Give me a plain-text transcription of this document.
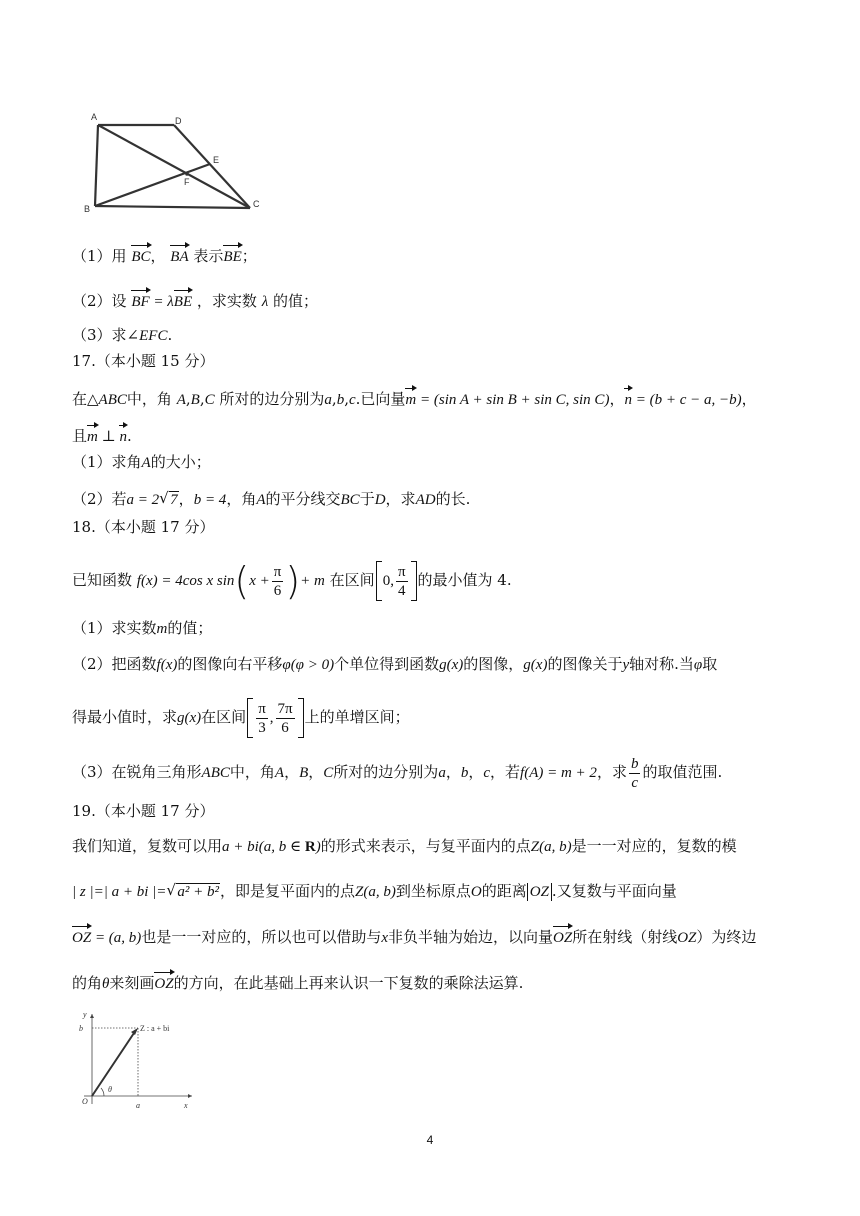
A	D
E
F
B	C
（1）用 BC， BA 表示BE；
（2）设 BF = λBE ，求实数 λ 的值；
（3）求∠EFC.
17.（本小题 15 分）
在△ABC中，角 A,B,C 所对的边分别为a,b,c.已向量m = (sin A + sin B + sin C, sin C)，n = (b + c − a, −b)，
且m ⊥ n.
（1）求角A的大小；
（2）若a = 2 √ 7，b = 4，角A的平分线交BC于D，求AD的长.
18.（本小题 17 分）
已知函数 f(x) = 4cos x $\sin(x + \frac{\pi}{6}$ )+ m 在区间 0, $\frac{\pi}{4}$ 的最小值为 4.
（1）求实数m的值；
（2）把函数f(x)的图像向右平移φ(φ > 0)个单位得到函数g(x)的图像，g(x)的图像关于y轴对称.当φ取
得最小值时，求g(x)在区间 $\frac{\pi}{3}$ , $\frac{7\pi}{6}$ 上的单增区间；
（3）在锐角三角形ABC中，角A，B，C所对的边分别为a，b，c，若f(A) = m + 2，求 $\frac{b}{c}$ 的取值范围.
19.（本小题 17 分）
我们知道，复数可以用a + bi(a, b ∈ R)的形式来表示，与复平面内的点Z(a, b)是一一对应的，复数的模
| z |=| a + bi |= √ a² + b²，即是复平面内的点Z(a, b)到坐标原点O的距离 OZ .又复数与平面向量
OZ = (a, b)也是一一对应的，所以也可以借助与x非负半轴为始边，以向量OZ所在射线（射线OZ）为终边
的角θ来刻画OZ的方向，在此基础上再来认识一下复数的乘除法运算.
y
x
O
b
a
Z : a + bi
θ
4
